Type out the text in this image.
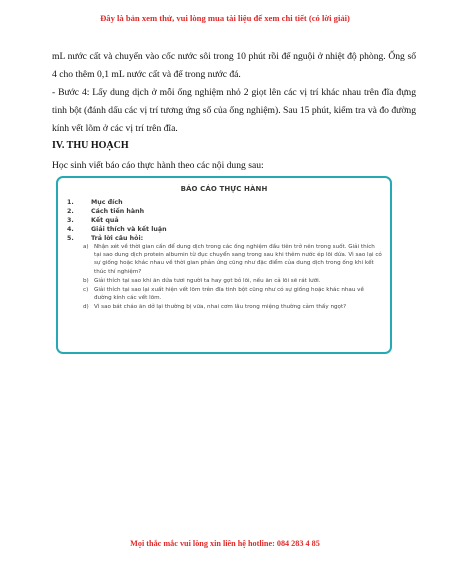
Đây là bản xem thử, vui lòng mua tài liệu để xem chi tiết (có lời giải)

mL nước cất và chuyển vào cốc nước sôi trong 10 phút rồi để nguội ở nhiệt độ phòng. Ống số 4 cho thêm 0,1 mL nước cất và để trong nước đá.

- Bước 4: Lấy dung dịch ở mỗi ống nghiệm nhỏ 2 giọt lên các vị trí khác nhau trên đĩa đựng tinh bột (đánh dấu các vị trí tương ứng số của ống nghiệm). Sau 15 phút, kiểm tra và đo đường kính vết lõm ở các vị trí trên đĩa.

IV. THU HOẠCH

Học sinh viết báo cáo thực hành theo các nội dung sau:

BÁO CÁO THỰC HÀNH
1.	Mục đích
2.	Cách tiến hành
3.	Kết quả
4.	Giải thích và kết luận
5.	Trả lời câu hỏi:
a) Nhận xét về thời gian cần để dung dịch trong các ống nghiệm đầu tiên trở nên trong suốt. Giải thích tại sao dung dịch protein albumin từ đục chuyển sang trong sau khi thêm nước ép lõi dứa. Vì sao lại có sự giống hoặc khác nhau về thời gian phản ứng cũng như đặc điểm của dung dịch trong ống khi kết thúc thí nghiệm?
b) Giải thích tại sao khi ăn dứa tươi người ta hay gọt bỏ lõi, nếu ăn cả lõi sẽ rát lưỡi.
c)	Giải thích tại sao lại xuất hiện vết lõm trên đĩa tinh bột cũng như có sự giống hoặc khác nhau về đường kính các vết lõm.
d) Vì sao bát cháo ăn dở lại thường bị vữa, nhai cơm lâu trong miệng thường cảm thấy ngọt?
Mọi thắc mắc vui lòng xin liên hệ hotline: 084 283 4 85
